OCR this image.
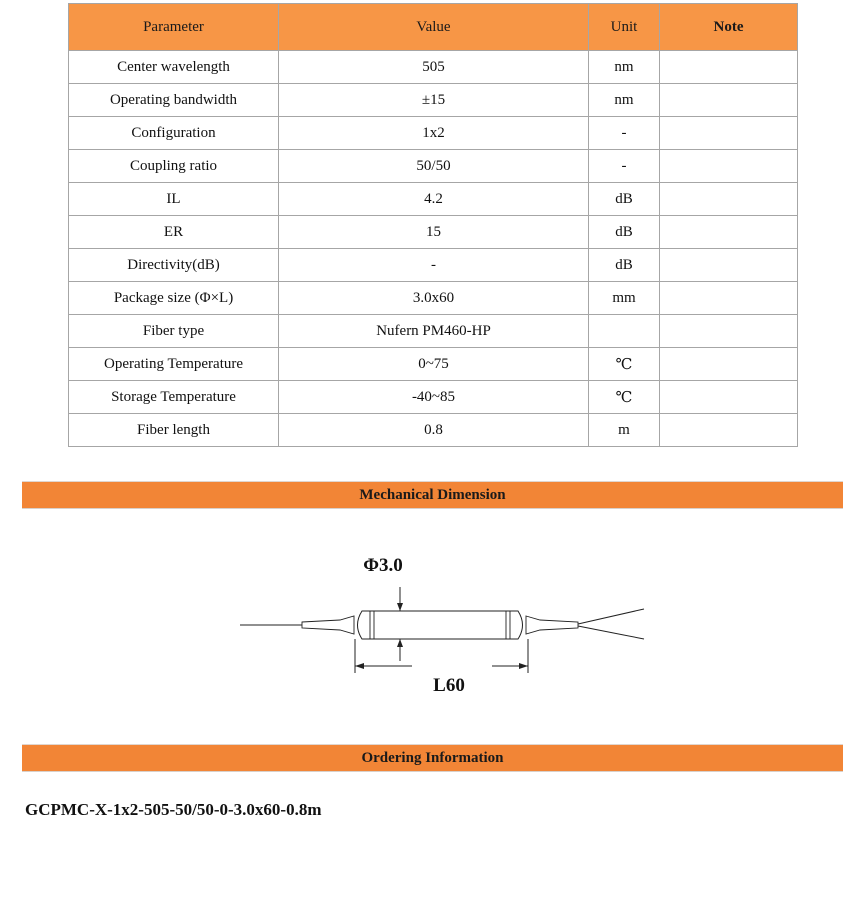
Parameter	Value	Unit	Note
Center wavelength	505	nm	
Operating bandwidth	±15	nm	
Configuration	1x2	-	
Coupling ratio	50/50	-	
IL	4.2	dB	
ER	15	dB	
Directivity(dB)	-	dB	
Package size (Φ×L)	3.0x60	mm	
Fiber type	Nufern PM460-HP		
Operating Temperature	0~75	℃	
Storage Temperature	-40~85	℃	
Fiber length	0.8	m	
Mechanical Dimension
Φ3.0
L60
Ordering Information
GCPMC-X-1x2-505-50/50-0-3.0x60-0.8m
